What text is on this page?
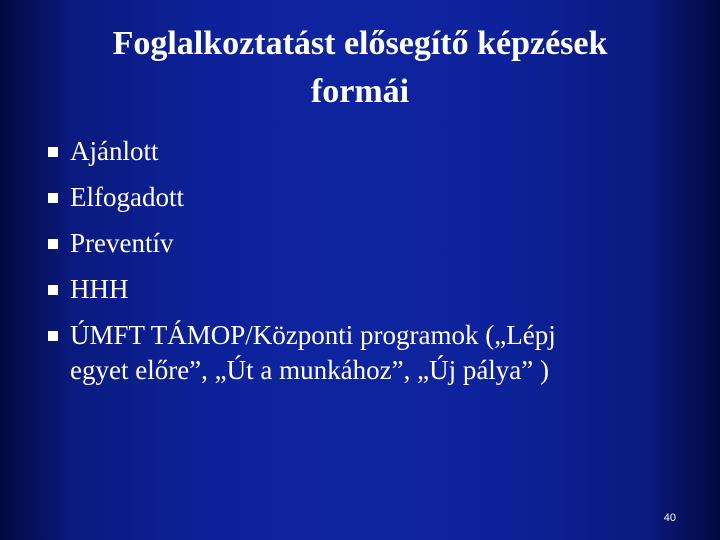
Foglalkoztatást elősegítő képzések
formái
Ajánlott
Elfogadott
Preventív
HHH
ÚMFT TÁMOP/Központi programok („Lépj
egyet előre”, „Út a munkához”, „Új pálya” )
40
